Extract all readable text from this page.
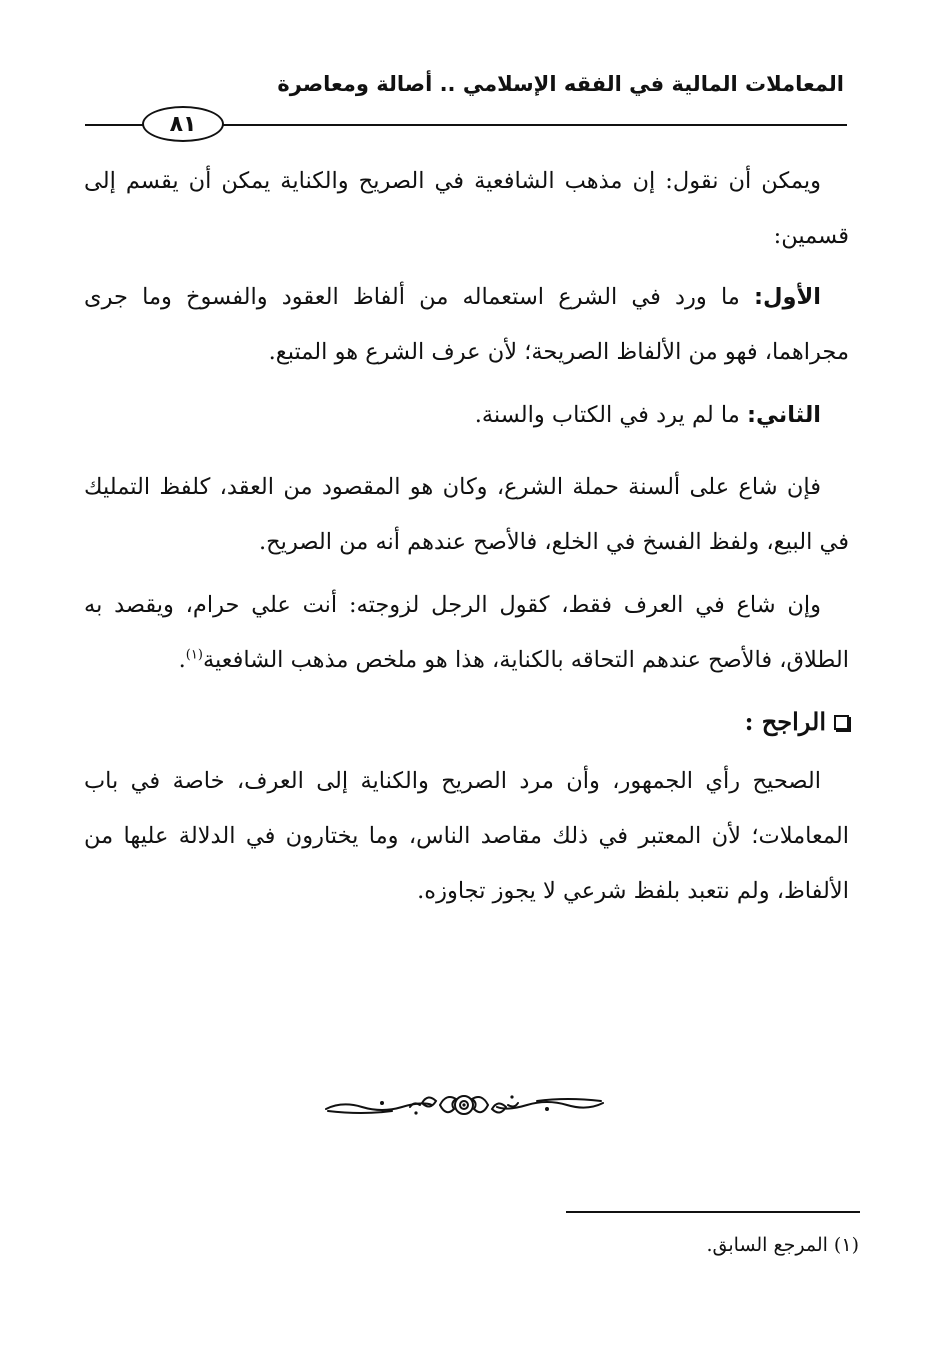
المعاملات المالية في الفقه الإسلامي .. أصالة ومعاصرة
٨١

ويمكن أن نقول: إن مذهب الشافعية في الصريح والكناية يمكن أن يقسم إلى قسمين:

الأول: ما ورد في الشرع استعماله من ألفاظ العقود والفسوخ وما جرى مجراهما، فهو من الألفاظ الصريحة؛ لأن عرف الشرع هو المتبع.

الثاني: ما لم يرد في الكتاب والسنة.

فإن شاع على ألسنة حملة الشرع، وكان هو المقصود من العقد، كلفظ التمليك في البيع، ولفظ الفسخ في الخلع، فالأصح عندهم أنه من الصريح.

وإن شاع في العرف فقط، كقول الرجل لزوجته: أنت علي حرام، ويقصد به الطلاق، فالأصح عندهم التحاقه بالكناية، هذا هو ملخص مذهب الشافعية$^{(١)}$.

الراجح :

الصحيح رأي الجمهور، وأن مرد الصريح والكناية إلى العرف، خاصة في باب المعاملات؛ لأن المعتبر في ذلك مقاصد الناس، وما يختارون في الدلالة عليها من الألفاظ، ولم نتعبد بلفظ شرعي لا يجوز تجاوزه.

(١) المرجع السابق.
